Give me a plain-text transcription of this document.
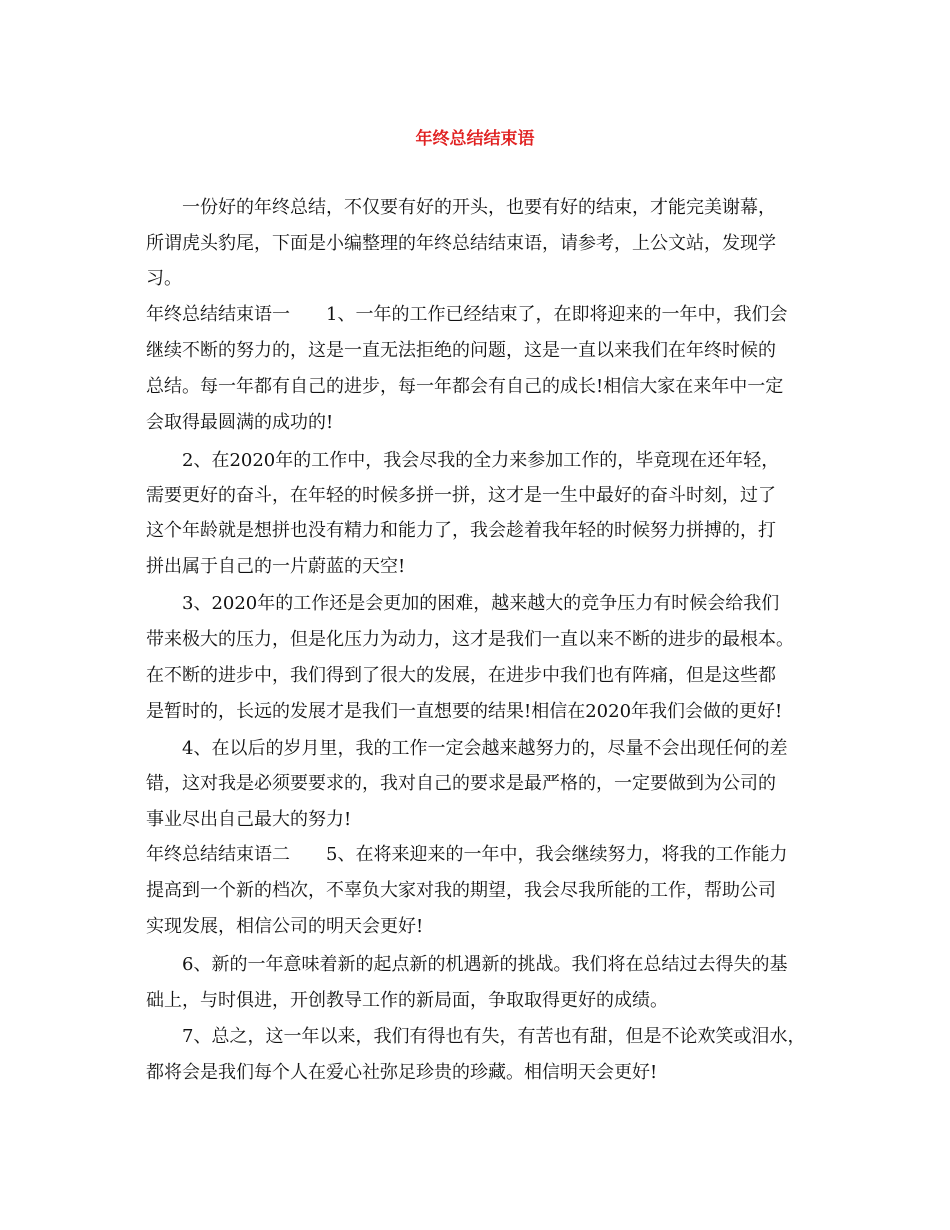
年终总结结束语
一份好的年终总结，不仅要有好的开头，也要有好的结束，才能完美谢幕，
所谓虎头豹尾，下面是小编整理的年终总结结束语，请参考，上公文站，发现学
习。
年终总结结束语一　　1、一年的工作已经结束了，在即将迎来的一年中，我们会
继续不断的努力的，这是一直无法拒绝的问题，这是一直以来我们在年终时候的
总结。每一年都有自己的进步，每一年都会有自己的成长!相信大家在来年中一定
会取得最圆满的成功的!
2、在2020年的工作中，我会尽我的全力来参加工作的，毕竟现在还年轻，
需要更好的奋斗，在年轻的时候多拼一拼，这才是一生中最好的奋斗时刻，过了
这个年龄就是想拼也没有精力和能力了，我会趁着我年轻的时候努力拼搏的，打
拼出属于自己的一片蔚蓝的天空!
3、2020年的工作还是会更加的困难，越来越大的竞争压力有时候会给我们
带来极大的压力，但是化压力为动力，这才是我们一直以来不断的进步的最根本。
在不断的进步中，我们得到了很大的发展，在进步中我们也有阵痛，但是这些都
是暂时的，长远的发展才是我们一直想要的结果!相信在2020年我们会做的更好!
4、在以后的岁月里，我的工作一定会越来越努力的，尽量不会出现任何的差
错，这对我是必须要要求的，我对自己的要求是最严格的，一定要做到为公司的
事业尽出自己最大的努力!
年终总结结束语二　　5、在将来迎来的一年中，我会继续努力，将我的工作能力
提高到一个新的档次，不辜负大家对我的期望，我会尽我所能的工作，帮助公司
实现发展，相信公司的明天会更好!
6、新的一年意味着新的起点新的机遇新的挑战。我们将在总结过去得失的基
础上，与时俱进，开创教导工作的新局面，争取取得更好的成绩。
7、总之，这一年以来，我们有得也有失，有苦也有甜，但是不论欢笑或泪水，
都将会是我们每个人在爱心社弥足珍贵的珍藏。相信明天会更好!
